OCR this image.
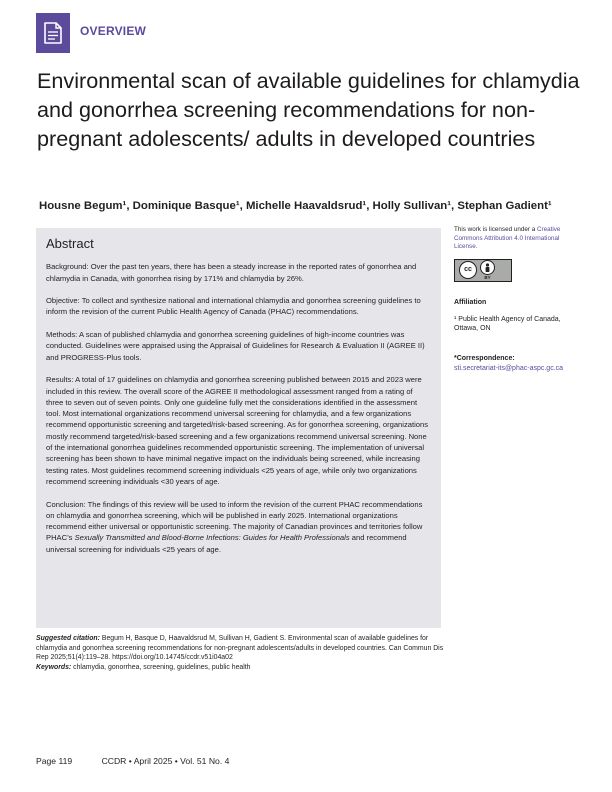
OVERVIEW
Environmental scan of available guidelines for chlamydia and gonorrhea screening recommendations for non-pregnant adolescents/ adults in developed countries
Housne Begum¹, Dominique Basque¹, Michelle Haavaldsrud¹, Holly Sullivan¹, Stephan Gadient¹
Abstract

Background: Over the past ten years, there has been a steady increase in the reported rates of gonorrhea and chlamydia in Canada, with gonorrhea rising by 171% and chlamydia by 26%.

Objective: To collect and synthesize national and international chlamydia and gonorrhea screening guidelines to inform the revision of the current Public Health Agency of Canada (PHAC) recommendations.

Methods: A scan of published chlamydia and gonorrhea screening guidelines of high-income countries was conducted. Guidelines were appraised using the Appraisal of Guidelines for Research & Evaluation II (AGREE II) and PROGRESS-Plus tools.

Results: A total of 17 guidelines on chlamydia and gonorrhea screening published between 2015 and 2023 were included in this review. The overall score of the AGREE II methodological assessment ranged from a rating of three to seven out of seven points. Only one guideline fully met the considerations identified in the assessment tool. Most international organizations recommend universal screening for chlamydia, and a few organizations recommend opportunistic screening and targeted/risk-based screening. As for gonorrhea screening, organizations mostly recommend targeted/risk-based screening and a few organizations recommend universal screening. None of the international gonorrhea guidelines recommended opportunistic screening. The implementation of universal screening has been shown to have minimal negative impact on the individuals being screened, while increasing testing rates. Most guidelines recommend screening individuals <25 years of age, while only two organizations recommend screening individuals <30 years of age.

Conclusion: The findings of this review will be used to inform the revision of the current PHAC recommendations on chlamydia and gonorrhea screening, which will be published in early 2025. International organizations recommend either universal or opportunistic screening. The majority of Canadian provinces and territories follow PHAC’s Sexually Transmitted and Blood-Borne Infections: Guides for Health Professionals and recommend universal screening for individuals <25 years of age.

This work is licensed under a Creative Commons Attribution 4.0 International License.

cc
BY

Affiliation

¹ Public Health Agency of Canada, Ottawa, ON

*Correspondence:

sti.secretariat-its@phac-aspc.gc.ca

Suggested citation: Begum H, Basque D, Haavaldsrud M, Sullivan H, Gadient S. Environmental scan of available guidelines for chlamydia and gonorrhea screening recommendations for non-pregnant adolescents/adults in developed countries. Can Commun Dis Rep 2025;51(4):119–28. https://doi.org/10.14745/ccdr.v51i04a02

Keywords: chlamydia, gonorrhea, screening, guidelines, public health

Page 119	CCDR • April 2025 • Vol. 51 No. 4
